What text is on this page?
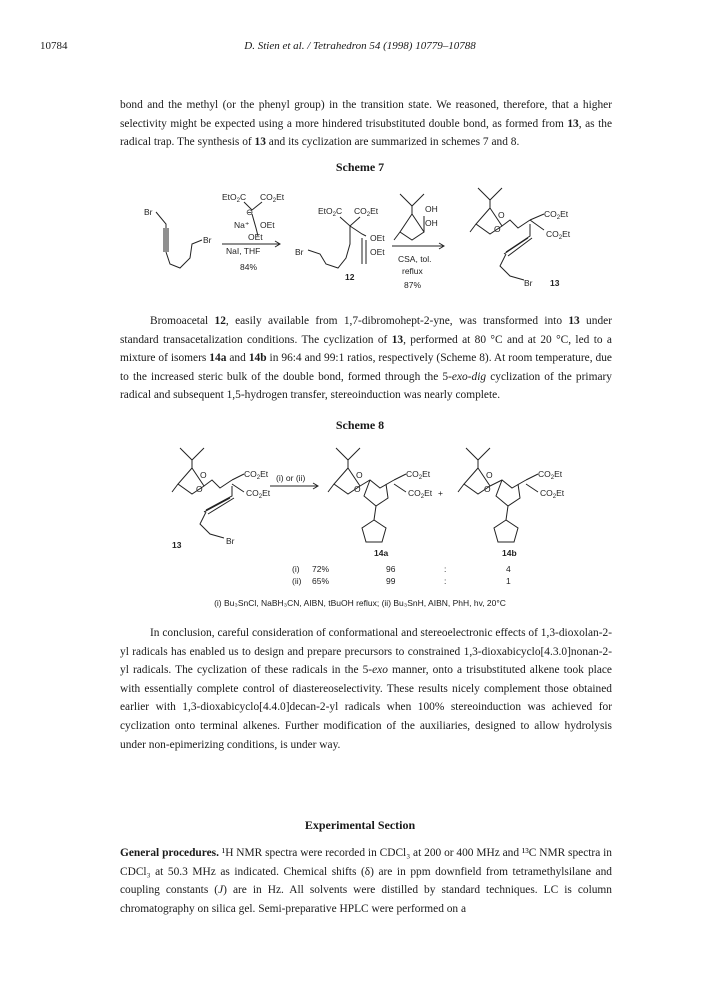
10784	D. Stien et al. / Tetrahedron 54 (1998) 10779–10788

bond and the methyl (or the phenyl group) in the transition state. We reasoned, therefore, that a higher selectivity might be expected using a more hindered trisubstituted double bond, as formed from 13, as the radical trap. The synthesis of 13 and its cyclization are summarized in schemes 7 and 8.

Scheme 7
Br
Br
EtO$_2$C $CO_2Et$
⊖
Na⁺ OEt
OEt
NaI, THF
84%
EtO$_2$C $CO_2Et$
Br
OEt
OEt
12
OH
OH
CSA, tol.
reflux
87%
O
O
$CO_2Et$
$CO_2Et$
Br 13

Bromoacetal 12, easily available from 1,7-dibromohept-2-yne, was transformed into 13 under standard transacetalization conditions. The cyclization of 13, performed at 80 °C and at 20 °C, led to a mixture of isomers 14a and 14b in 96:4 and 99:1 ratios, respectively (Scheme 8). At room temperature, due to the increased steric bulk of the double bond, formed through the 5-exo-dig cyclization of the primary radical and subsequent 1,5-hydrogen transfer, stereoinduction was nearly complete.

Scheme 8
O
O
$CO_2Et$
$CO_2Et$
Br
13
(i) or (ii)	O
O
$CO_2Et$
$CO_2Et$
14a
+
O
O
$CO_2Et$
$CO_2Et$
14b
(i) 72%	96	:	4
(ii) 65%	99	:	1
(i) Bu₃SnCl, NaBH₃CN, AIBN, tBuOH reflux; (ii) Bu₃SnH, AIBN, PhH, hv, 20°C

In conclusion, careful consideration of conformational and stereoelectronic effects of 1,3-dioxolan-2-yl radicals has enabled us to design and prepare precursors to constrained 1,3-dioxabicyclo[4.3.0]nonan-2-yl radicals. The cyclization of these radicals in the 5-exo manner, onto a trisubstituted alkene took place with essentially complete control of diastereoselectivity. These results nicely complement those obtained earlier with 1,3-dioxabicyclo[4.4.0]decan-2-yl radicals when 100% stereoinduction was achieved for cyclization onto terminal alkenes. Further modification of the auxiliaries, designed to allow hydrolysis under non-epimerizing conditions, is under way.

Experimental Section

General procedures. ¹H NMR spectra were recorded in CDCl₃ at 200 or 400 MHz and ¹³C NMR spectra in CDCl₃ at 50.3 MHz as indicated. Chemical shifts (δ) are in ppm downfield from tetramethylsilane and coupling constants (J) are in Hz. All solvents were distilled by standard techniques. LC is column chromatography on silica gel. Semi-preparative HPLC were performed on a
